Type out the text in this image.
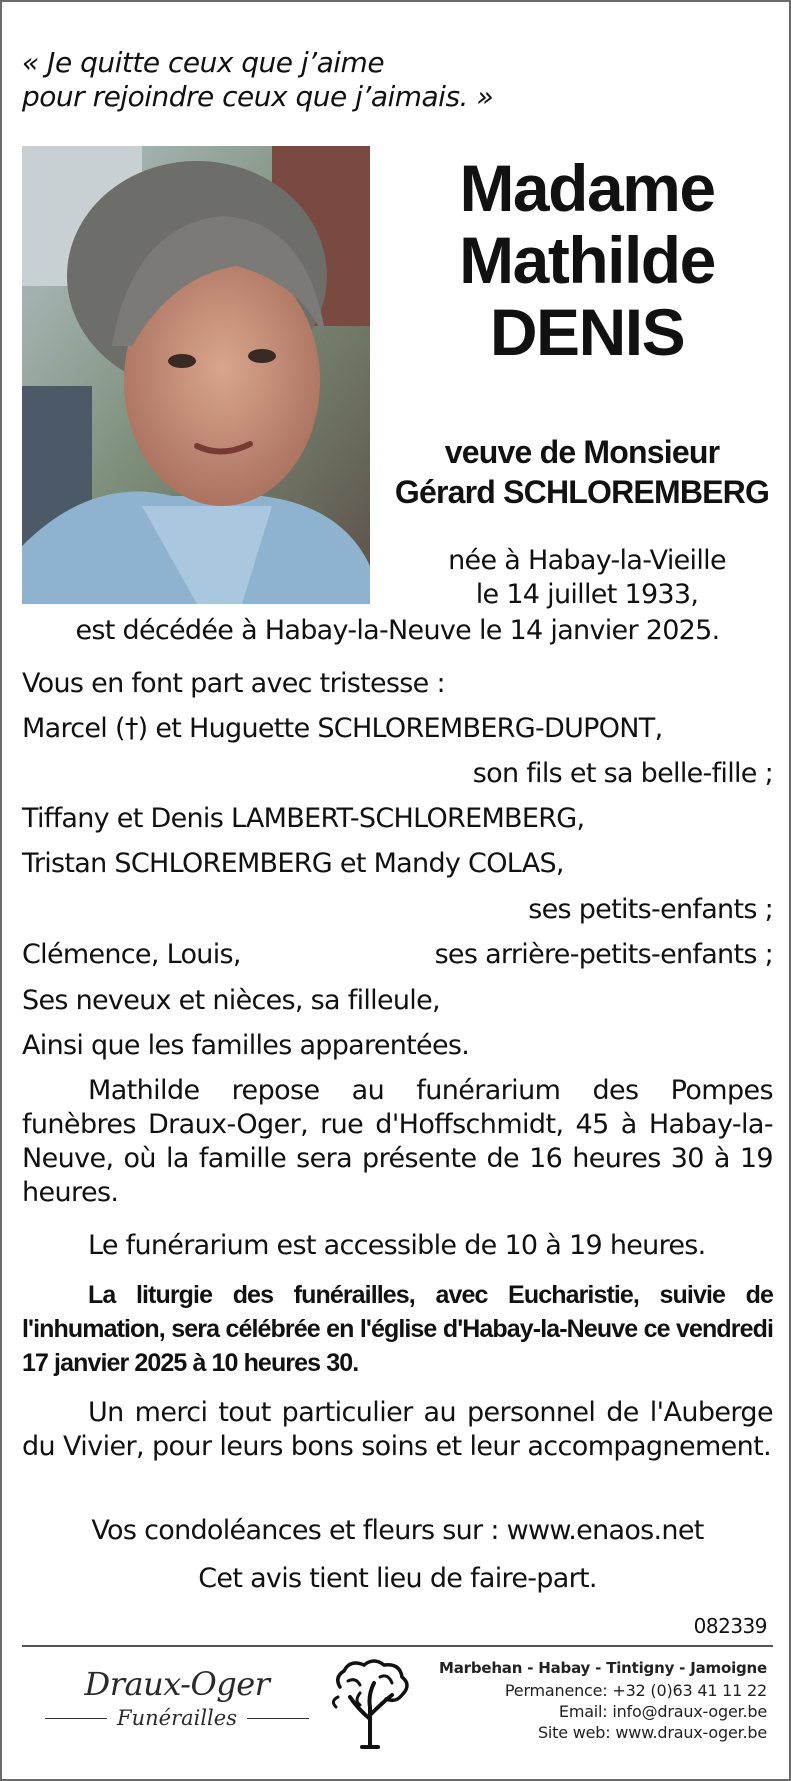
« Je quitte ceux que j’aime
pour rejoindre ceux que j’aimais. »
Madame
Mathilde
DENIS
veuve de Monsieur
Gérard SCHLOREMBERG
née à Habay-la-Vieille
le 14 juillet 1933,
est décédée à Habay-la-Neuve le 14 janvier 2025.
Vous en font part avec tristesse :
Marcel (†) et Huguette SCHLOREMBERG-DUPONT,
son fils et sa belle-fille ;
Tiffany et Denis LAMBERT-SCHLOREMBERG,
Tristan SCHLOREMBERG et Mandy COLAS,
ses petits-enfants ;
Clémence, Louis,	ses arrière-petits-enfants ;
Ses neveux et nièces, sa filleule,
Ainsi que les familles apparentées.
Mathilde repose au funérarium des Pompes funèbres Draux-Oger, rue d'Hoffschmidt, 45 à Habay-la-Neuve, où la famille sera présente de 16 heures 30 à 19 heures.
Le funérarium est accessible de 10 à 19 heures.
La liturgie des funérailles, avec Eucharistie, suivie de l'inhumation, sera célébrée en l'église d'Habay-la-Neuve ce vendredi 17 janvier 2025 à 10 heures 30.
Un merci tout particulier au personnel de l'Auberge du Vivier, pour leurs bons soins et leur accompagnement.
Vos condoléances et fleurs sur : www.enaos.net
Cet avis tient lieu de faire-part.
082339
Draux-Oger
Funérailles
Marbehan - Habay - Tintigny - Jamoigne
Permanence: +32 (0)63 41 11 22
Email: info@draux-oger.be
Site web: www.draux-oger.be
